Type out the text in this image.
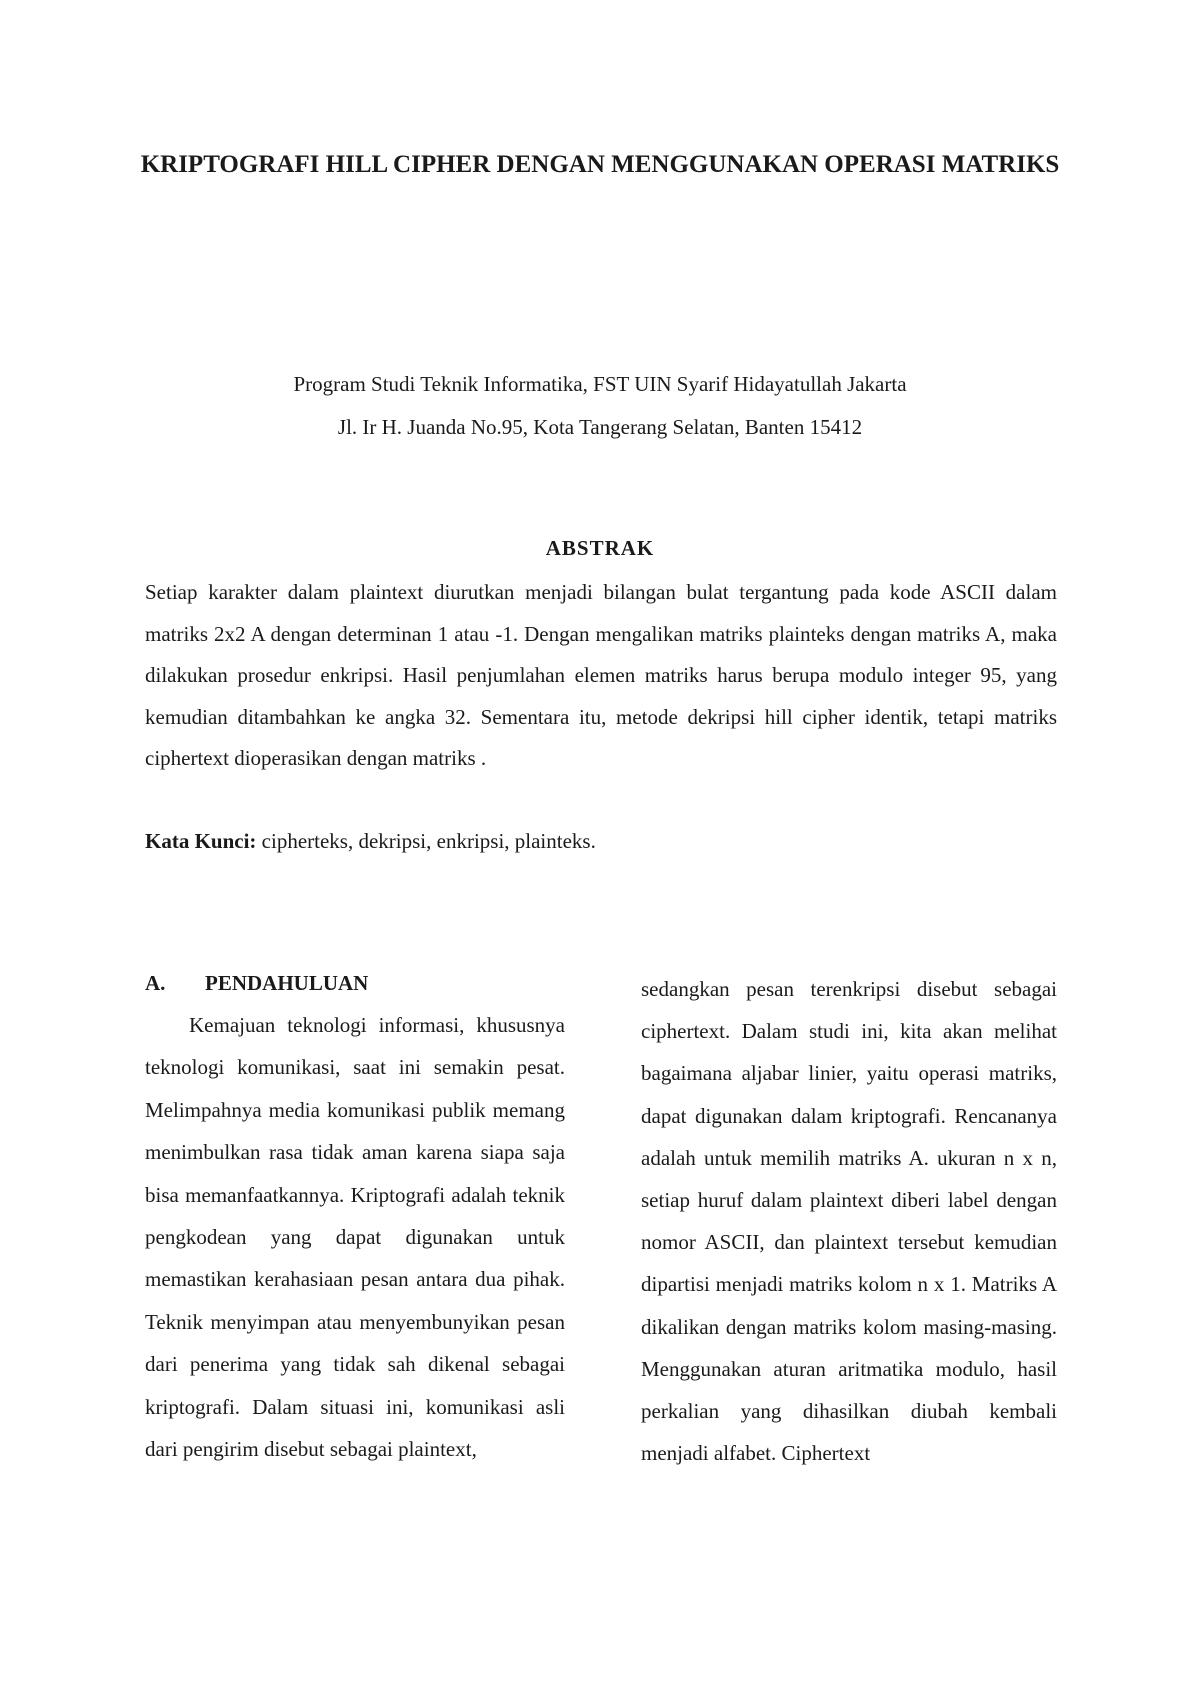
KRIPTOGRAFI HILL CIPHER DENGAN MENGGUNAKAN OPERASI MATRIKS

Program Studi Teknik Informatika, FST UIN Syarif Hidayatullah Jakarta

Jl. Ir H. Juanda No.95, Kota Tangerang Selatan, Banten 15412

ABSTRAK

Setiap karakter dalam plaintext diurutkan menjadi bilangan bulat tergantung pada kode ASCII dalam matriks 2x2 A dengan determinan 1 atau -1. Dengan mengalikan matriks plainteks dengan matriks A, maka dilakukan prosedur enkripsi. Hasil penjumlahan elemen matriks harus berupa modulo integer 95, yang kemudian ditambahkan ke angka 32. Sementara itu, metode dekripsi hill cipher identik, tetapi matriks ciphertext dioperasikan dengan matriks .

Kata Kunci: cipherteks, dekripsi, enkripsi, plainteks.

A. PENDAHULUAN

Kemajuan teknologi informasi, khususnya teknologi komunikasi, saat ini semakin pesat. Melimpahnya media komunikasi publik memang menimbulkan rasa tidak aman karena siapa saja bisa memanfaatkannya. Kriptografi adalah teknik pengkodean yang dapat digunakan untuk memastikan kerahasiaan pesan antara dua pihak. Teknik menyimpan atau menyembunyikan pesan dari penerima yang tidak sah dikenal sebagai kriptografi. Dalam situasi ini, komunikasi asli dari pengirim disebut sebagai plaintext,

sedangkan pesan terenkripsi disebut sebagai ciphertext. Dalam studi ini, kita akan melihat bagaimana aljabar linier, yaitu operasi matriks, dapat digunakan dalam kriptografi. Rencananya adalah untuk memilih matriks A. ukuran n x n, setiap huruf dalam plaintext diberi label dengan nomor ASCII, dan plaintext tersebut kemudian dipartisi menjadi matriks kolom n x 1. Matriks A dikalikan dengan matriks kolom masing-masing. Menggunakan aturan aritmatika modulo, hasil perkalian yang dihasilkan diubah kembali menjadi alfabet. Ciphertext
